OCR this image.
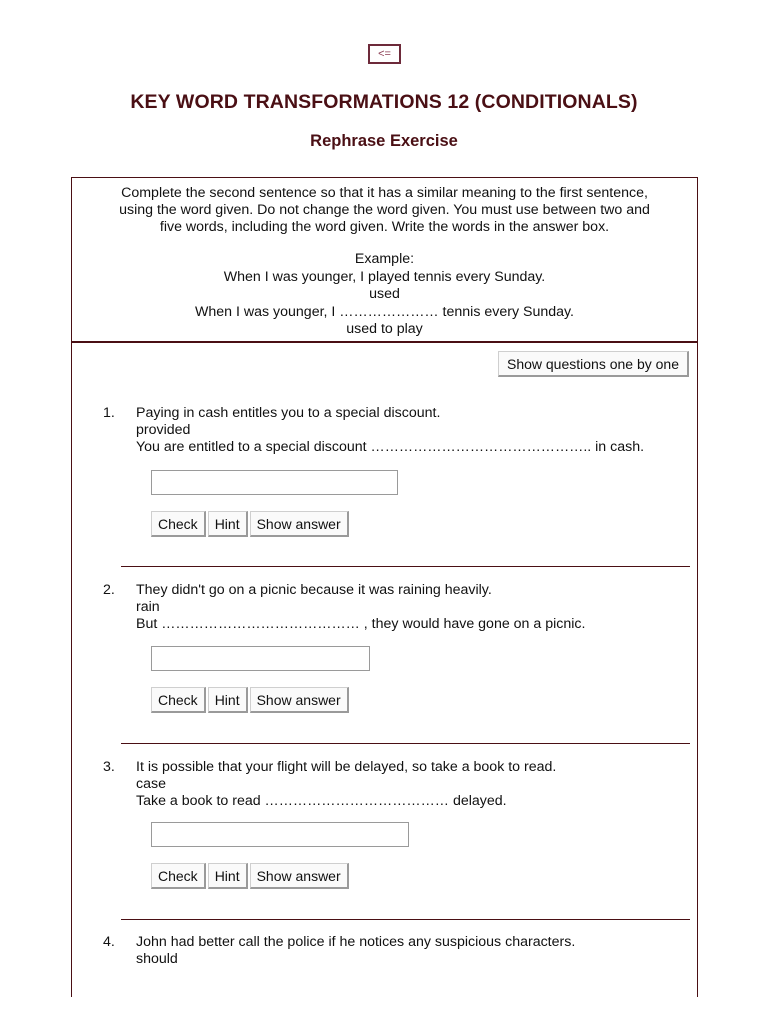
<=
KEY WORD TRANSFORMATIONS 12 (CONDITIONALS)
Rephrase Exercise

Complete the second sentence so that it has a similar meaning to the first sentence,

using the word given. Do not change the word given. You must use between two and

five words, including the word given. Write the words in the answer box.

Example:
When I was younger, I played tennis every Sunday.
used
When I was younger, I ………………… tennis every Sunday.
used to play
Show questions one by one
1. Paying in cash entitles you to a special discount.
provided
You are entitled to a special discount ……………………………………….. in cash.
Check	Hint	Show answer
2. They didn't go on a picnic because it was raining heavily.
rain
But …………………………………… , they would have gone on a picnic.
Check	Hint	Show answer
3. It is possible that your flight will be delayed, so take a book to read.
case
Take a book to read ………………………………… delayed.
Check	Hint	Show answer
4. John had better call the police if he notices any suspicious characters.
should
